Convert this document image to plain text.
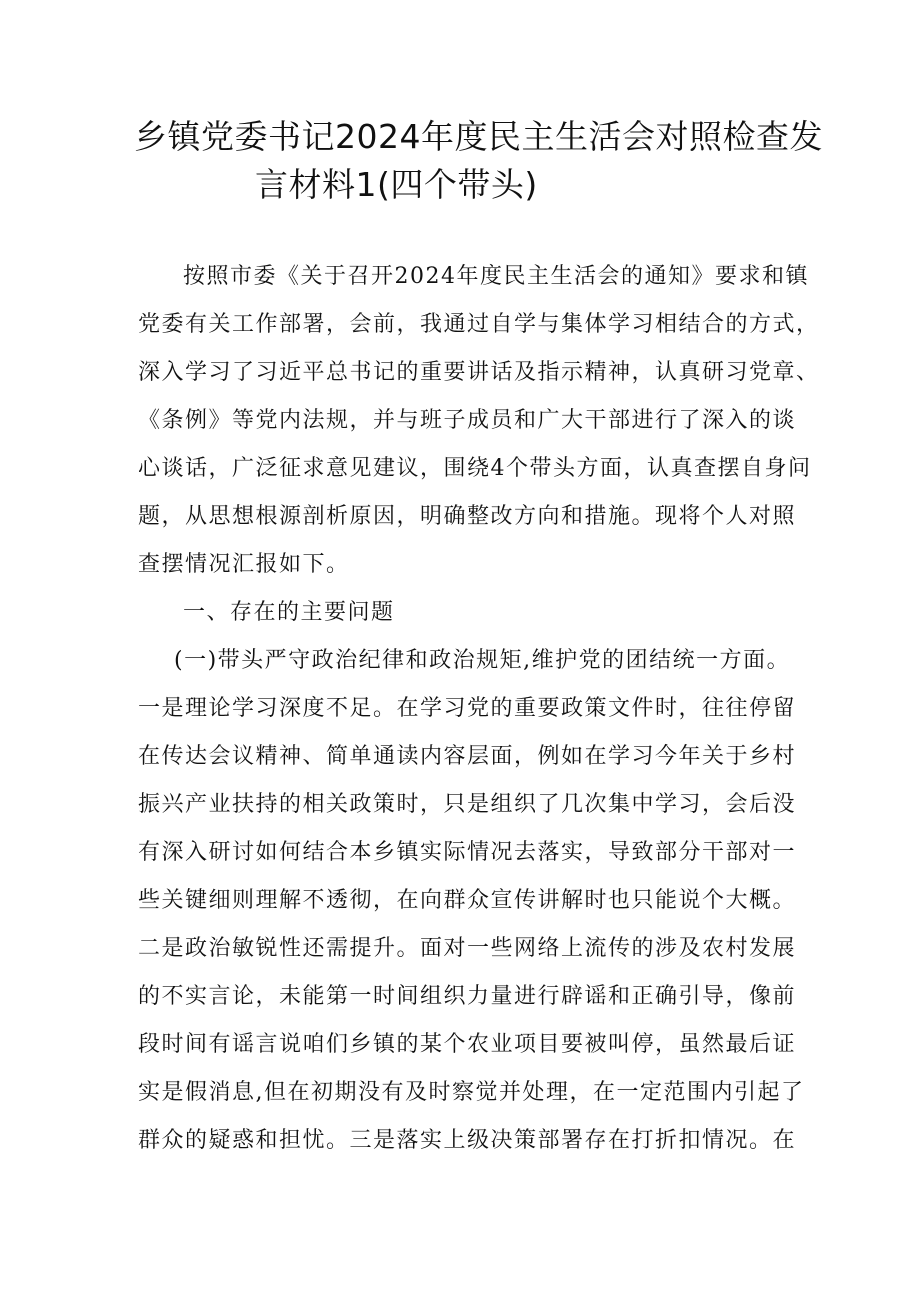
乡镇党委书记2024年度民主生活会对照检查发
言材料1(四个带头)
按照市委《关于召开2024年度民主生活会的通知》要求和镇
党委有关工作部署，会前，我通过自学与集体学习相结合的方式，
深入学习了习近平总书记的重要讲话及指示精神，认真研习党章、
《条例》等党内法规，并与班子成员和广大干部进行了深入的谈
心谈话，广泛征求意见建议，围绕4个带头方面，认真查摆自身问
题，从思想根源剖析原因，明确整改方向和措施。现将个人对照
查摆情况汇报如下。
一、存在的主要问题
(一)带头严守政治纪律和政治规矩,维护党的团结统一方面。
一是理论学习深度不足。在学习党的重要政策文件时，往往停留
在传达会议精神、简单通读内容层面，例如在学习今年关于乡村
振兴产业扶持的相关政策时，只是组织了几次集中学习，会后没
有深入研讨如何结合本乡镇实际情况去落实，导致部分干部对一
些关键细则理解不透彻，在向群众宣传讲解时也只能说个大概。
二是政治敏锐性还需提升。面对一些网络上流传的涉及农村发展
的不实言论，未能第一时间组织力量进行辟谣和正确引导，像前
段时间有谣言说咱们乡镇的某个农业项目要被叫停，虽然最后证
实是假消息,但在初期没有及时察觉并处理，在一定范围内引起了
群众的疑惑和担忧。三是落实上级决策部署存在打折扣情况。在
